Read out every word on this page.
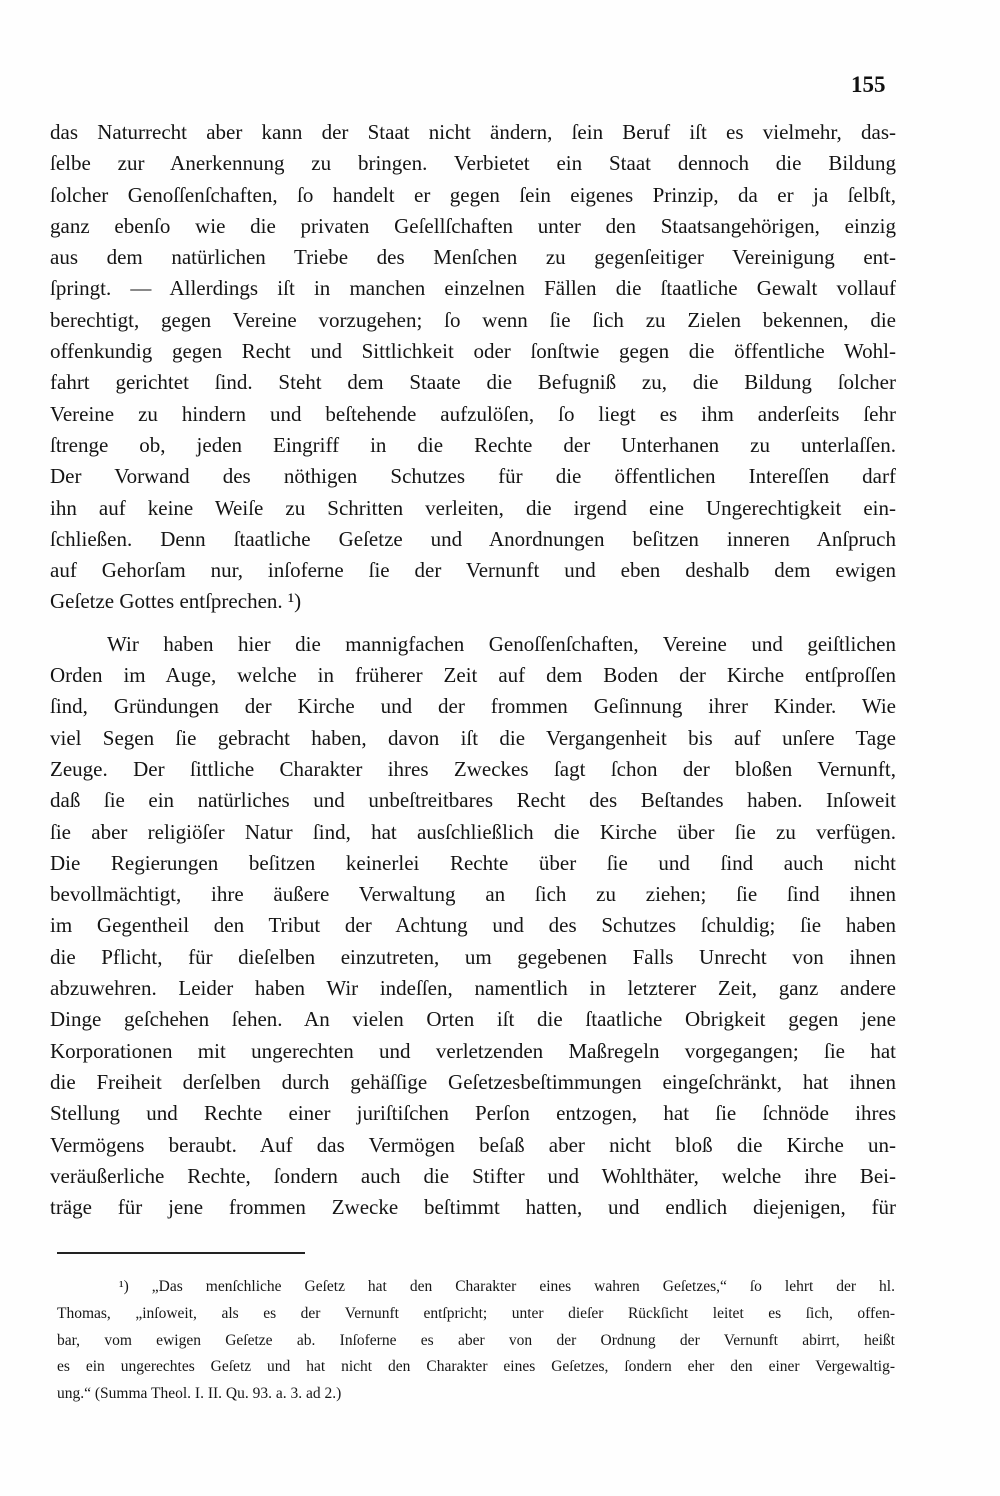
155
das Naturrecht aber kann der Staat nicht ändern, ſein Beruf iſt es vielmehr, das-
ſelbe zur Anerkennung zu bringen. Verbietet ein Staat dennoch die Bildung
ſolcher Genoſſenſchaften, ſo handelt er gegen ſein eigenes Prinzip, da er ja ſelbſt,
ganz ebenſo wie die privaten Geſellſchaften unter den Staatsangehörigen, einzig
aus dem natürlichen Triebe des Menſchen zu gegenſeitiger Vereinigung ent-
ſpringt. — Allerdings iſt in manchen einzelnen Fällen die ſtaatliche Gewalt vollauf
berechtigt, gegen Vereine vorzugehen; ſo wenn ſie ſich zu Zielen bekennen, die
offenkundig gegen Recht und Sittlichkeit oder ſonſtwie gegen die öffentliche Wohl-
fahrt gerichtet ſind. Steht dem Staate die Befugniß zu, die Bildung ſolcher
Vereine zu hindern und beſtehende aufzulöſen, ſo liegt es ihm anderſeits ſehr
ſtrenge ob, jeden Eingriff in die Rechte der Unterhanen zu unterlaſſen.
Der Vorwand des nöthigen Schutzes für die öffentlichen Intereſſen darf
ihn auf keine Weiſe zu Schritten verleiten, die irgend eine Ungerechtigkeit ein-
ſchließen. Denn ſtaatliche Geſetze und Anordnungen beſitzen inneren Anſpruch
auf Gehorſam nur, inſoferne ſie der Vernunft und eben deshalb dem ewigen
Geſetze Gottes entſprechen. ¹)
Wir haben hier die mannigfachen Genoſſenſchaften, Vereine und geiſtlichen
Orden im Auge, welche in früherer Zeit auf dem Boden der Kirche entſproſſen
ſind, Gründungen der Kirche und der frommen Geſinnung ihrer Kinder. Wie
viel Segen ſie gebracht haben, davon iſt die Vergangenheit bis auf unſere Tage
Zeuge. Der ſittliche Charakter ihres Zweckes ſagt ſchon der bloßen Vernunft,
daß ſie ein natürliches und unbeſtreitbares Recht des Beſtandes haben. Inſoweit
ſie aber religiöſer Natur ſind, hat ausſchließlich die Kirche über ſie zu verfügen.
Die Regierungen beſitzen keinerlei Rechte über ſie und ſind auch nicht
bevollmächtigt, ihre äußere Verwaltung an ſich zu ziehen; ſie ſind ihnen
im Gegentheil den Tribut der Achtung und des Schutzes ſchuldig; ſie haben
die Pflicht, für dieſelben einzutreten, um gegebenen Falls Unrecht von ihnen
abzuwehren. Leider haben Wir indeſſen, namentlich in letzterer Zeit, ganz andere
Dinge geſchehen ſehen. An vielen Orten iſt die ſtaatliche Obrigkeit gegen jene
Korporationen mit ungerechten und verletzenden Maßregeln vorgegangen; ſie hat
die Freiheit derſelben durch gehäſſige Geſetzesbeſtimmungen eingeſchränkt, hat ihnen
Stellung und Rechte einer juriſtiſchen Perſon entzogen, hat ſie ſchnöde ihres
Vermögens beraubt. Auf das Vermögen beſaß aber nicht bloß die Kirche un-
veräußerliche Rechte, ſondern auch die Stifter und Wohlthäter, welche ihre Bei-
träge für jene frommen Zwecke beſtimmt hatten, und endlich diejenigen, für
¹) „Das menſchliche Geſetz hat den Charakter eines wahren Geſetzes,“ ſo lehrt der hl.
Thomas, „inſoweit, als es der Vernunft entſpricht; unter dieſer Rückſicht leitet es ſich, offen-
bar, vom ewigen Geſetze ab. Inſoferne es aber von der Ordnung der Vernunft abirrt, heißt
es ein ungerechtes Geſetz und hat nicht den Charakter eines Geſetzes, ſondern eher den einer Vergewaltig-
ung.“ (Summa Theol. I. II. Qu. 93. a. 3. ad 2.)
